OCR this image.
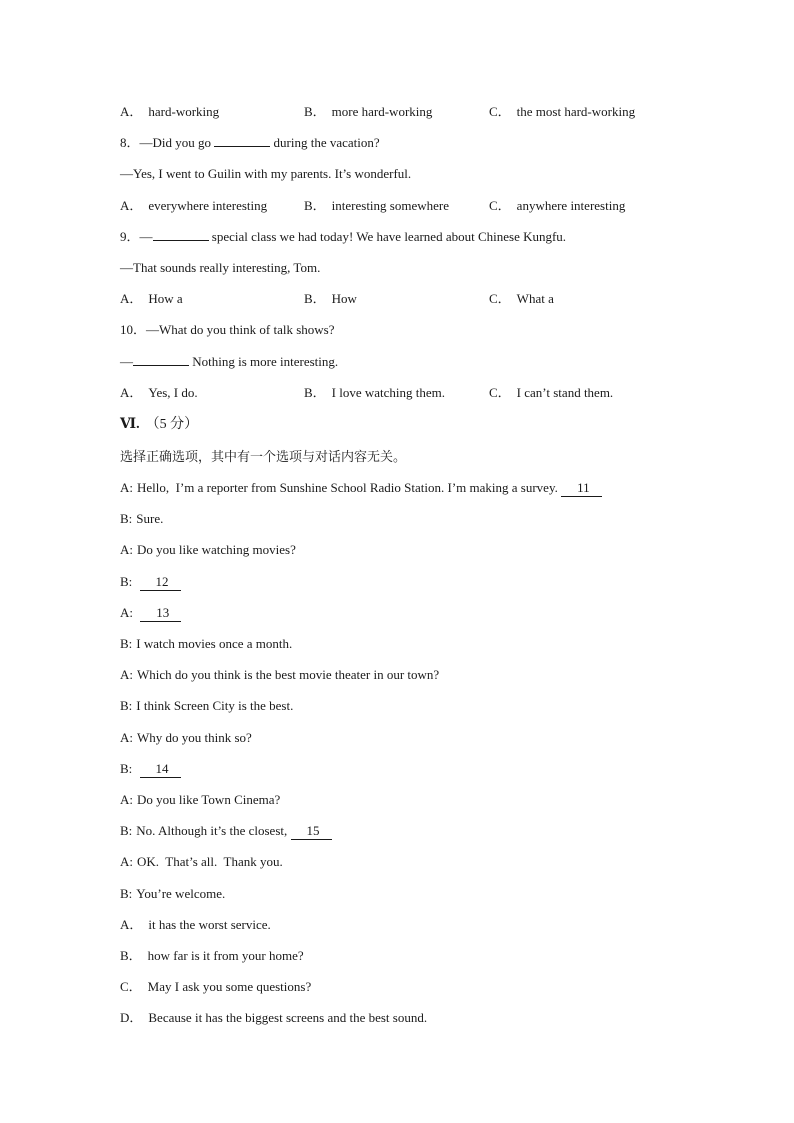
A． hard-working	B． more hard-working	C． the most hard-working
8．—Did you go	during the vacation?
—Yes, I went to Guilin with my parents. It’s wonderful.
A． everywhere interesting	B． interesting somewhere	C． anywhere interesting
9．—	special class we had today! We have learned about Chinese Kungfu.
—That sounds really interesting, Tom.
A． How a	B． How	C． What a
10．—What do you think of talk shows?
—	Nothing is more interesting.
A． Yes, I do.	B． I love watching them.	C． I can’t stand them.
Ⅵ. （5 分）
选择正确选项，其中有一个选项与对话内容无关。
A: Hello,  I’m a reporter from Sunshine School Radio Station. I’m making a survey. 11
B: Sure.
A: Do you like watching movies?
B: 12
A: 13
B: I watch movies once a month.
A: Which do you think is the best movie theater in our town?
B: I think Screen City is the best.
A: Why do you think so?
B: 14
A: Do you like Town Cinema?
B: No. Although it’s the closest, 15
A: OK.  That’s all.  Thank you.
B: You’re welcome.
A． it has the worst service.
B． how far is it from your home?
C． May I ask you some questions?
D． Because it has the biggest screens and the best sound.
